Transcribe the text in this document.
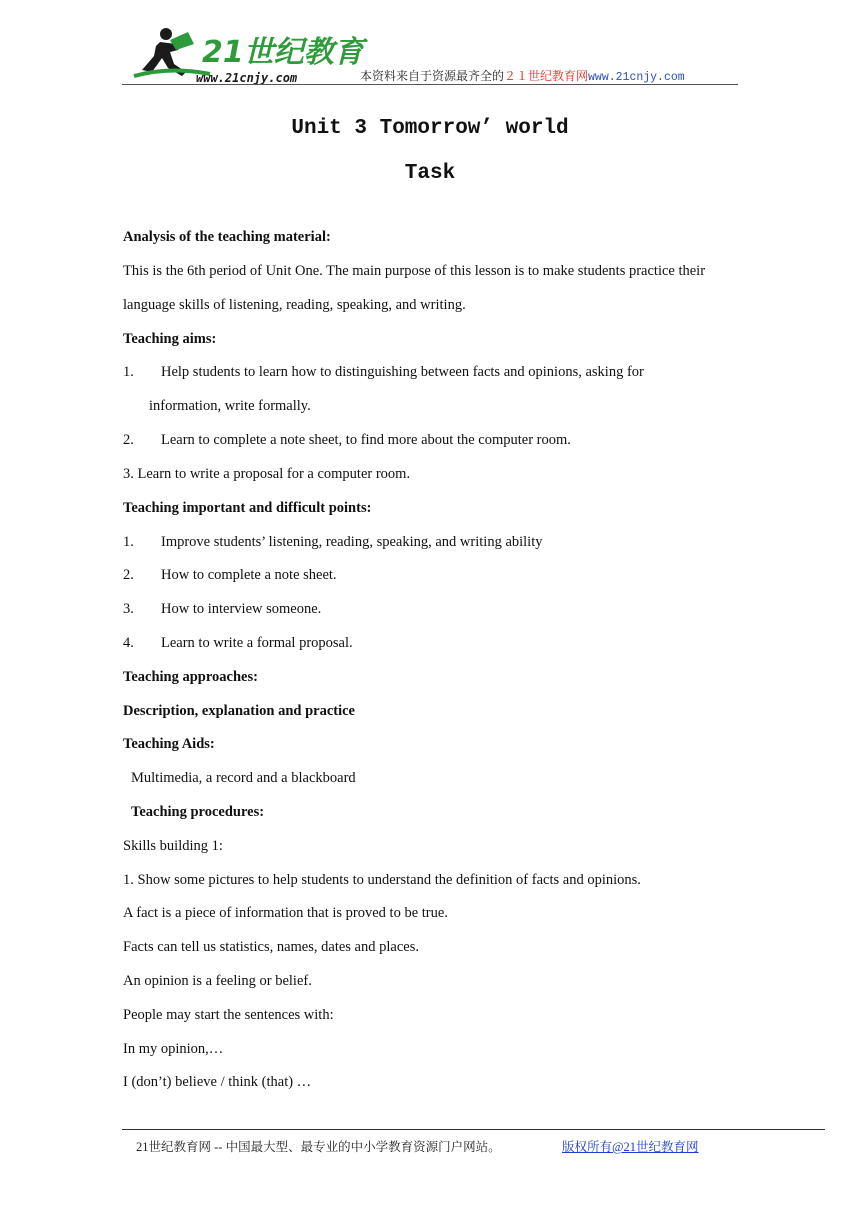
21世纪教育
www.21cnjy.com	本资料来自于资源最齐全的２１世纪教育网www.21cnjy.com
Unit 3 Tomorrow’ world
Task
Analysis of the teaching material:
This is the 6th period of Unit One. The main purpose of this lesson is to make students practice their
language skills of listening, reading, speaking, and writing.
Teaching aims:
1. Help students to learn how to distinguishing between facts and opinions, asking for
information, write formally.
2. Learn to complete a note sheet, to find more about the computer room.
3. Learn to write a proposal for a computer room.
Teaching important and difficult points:
1. Improve students’ listening, reading, speaking, and writing ability
2. How to complete a note sheet.
3. How to interview someone.
4. Learn to write a formal proposal.
Teaching approaches:
Description, explanation and practice
Teaching Aids:
Multimedia, a record and a blackboard
Teaching procedures:
Skills building 1:
1. Show some pictures to help students to understand the definition of facts and opinions.
A fact is a piece of information that is proved to be true.
Facts can tell us statistics, names, dates and places.
An opinion is a feeling or belief.
People may start the sentences with:
In my opinion,…
I (don’t) believe / think (that) …
21世纪教育网 -- 中国最大型、最专业的中小学教育资源门户网站。	版权所有@21世纪教育网
